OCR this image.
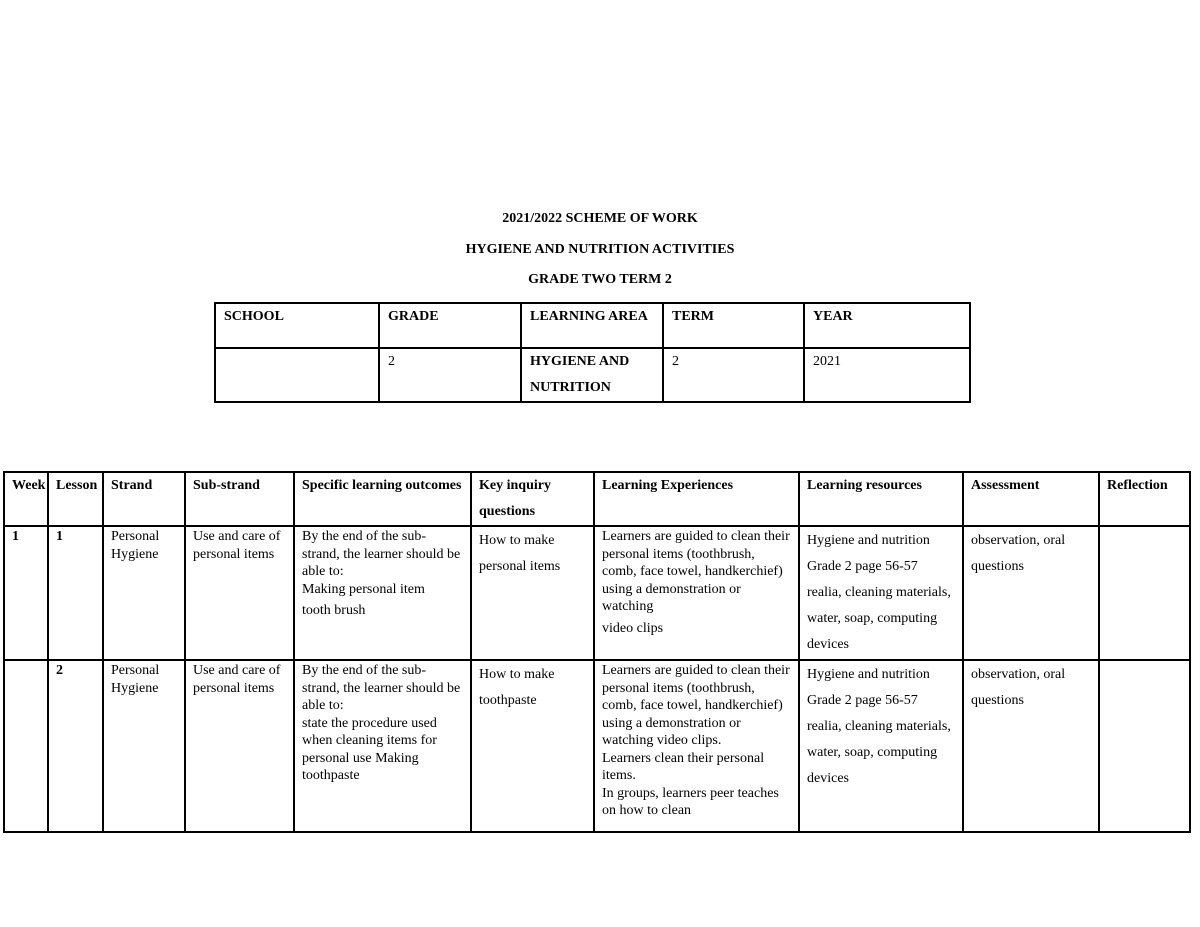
2021/2022 SCHEME OF WORK
HYGIENE AND NUTRITION ACTIVITIES
GRADE TWO TERM 2
SCHOOL	GRADE	LEARNING AREA	TERM	YEAR
	2	HYGIENE AND NUTRITION	2	2021
Week	Lesson	Strand	Sub-strand	Specific learning outcomes	Key inquiry questions	Learning Experiences	Learning resources	Assessment	Reflection
1	1	Personal Hygiene	Use and care of personal items	By the end of the sub-strand, the learner should be able to:
Making personal item
tooth brush	How to make personal items	Learners are guided to clean their personal items (toothbrush, comb, face towel, handkerchief) using a demonstration or watching
video clips	Hygiene and nutrition Grade 2 page 56-57 realia, cleaning materials, water, soap, computing devices	observation, oral questions	
	2	Personal Hygiene	Use and care of personal items	By the end of the sub-strand, the learner should be able to:
state the procedure used when cleaning items for personal use Making toothpaste	How to make toothpaste	Learners are guided to clean their personal items (toothbrush, comb, face towel, handkerchief) using a demonstration or watching video clips.
Learners clean their personal items.
In groups, learners peer teaches on how to clean	Hygiene and nutrition Grade 2 page 56-57 realia, cleaning materials, water, soap, computing devices	observation, oral questions	
